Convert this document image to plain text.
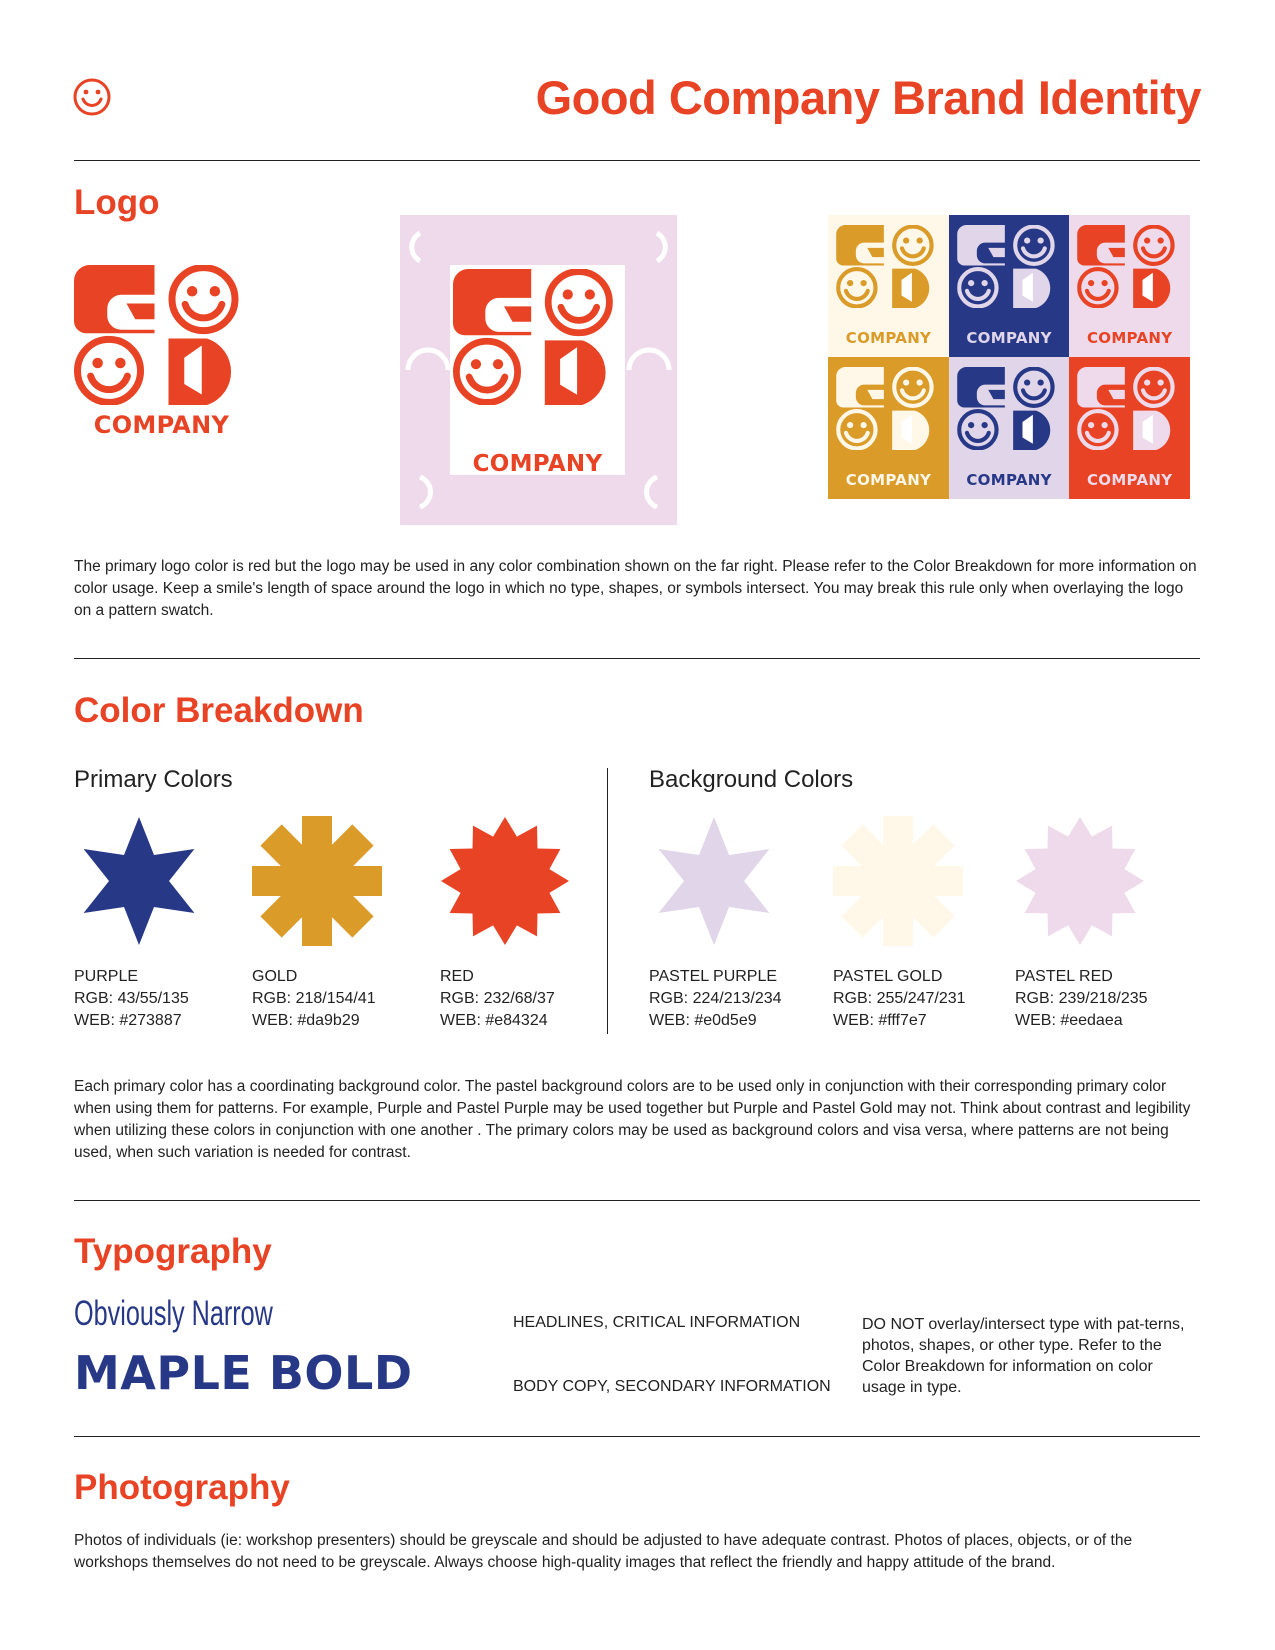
Good Company Brand Identity
Logo
COMPANY
COMPANY
COMPANY	COMPANY	COMPANY
COMPANY	COMPANY	COMPANY
The primary logo color is red but the logo may be used in any color combination shown on the far right. Please refer to the Color Breakdown for more information on color usage. Keep a smile's length of space around the logo in which no type, shapes, or symbols intersect. You may break this rule only when overlaying the logo on a pattern swatch.
Color Breakdown
Primary Colors	Background Colors
PURPLE
RGB: 43/55/135
WEB: #273887
GOLD
RGB: 218/154/41
WEB: #da9b29
RED
RGB: 232/68/37
WEB: #e84324
PASTEL PURPLE
RGB: 224/213/234
WEB: #e0d5e9
PASTEL GOLD
RGB: 255/247/231
WEB: #fff7e7
PASTEL RED
RGB: 239/218/235
WEB: #eedaea
Each primary color has a coordinating background color. The pastel background colors are to be used only in conjunction with their corresponding primary color when using them for patterns. For example, Purple and Pastel Purple may be used together but Purple and Pastel Gold may not. Think about contrast and legibility when utilizing these colors in conjunction with one another . The primary colors may be used as background colors and visa versa, where patterns are not being used, when such variation is needed for contrast.
Typography
Obviously Narrow
MAPLE BOLD
HEADLINES, CRITICAL INFORMATION
BODY COPY, SECONDARY INFORMATION
DO NOT overlay/intersect type with pat-terns, photos, shapes, or other type. Refer to the Color Breakdown for information on color usage in type.
Photography
Photos of individuals (ie: workshop presenters) should be greyscale and should be adjusted to have adequate contrast. Photos of places, objects, or of the workshops themselves do not need to be greyscale. Always choose high-quality images that reflect the friendly and happy attitude of the brand.
